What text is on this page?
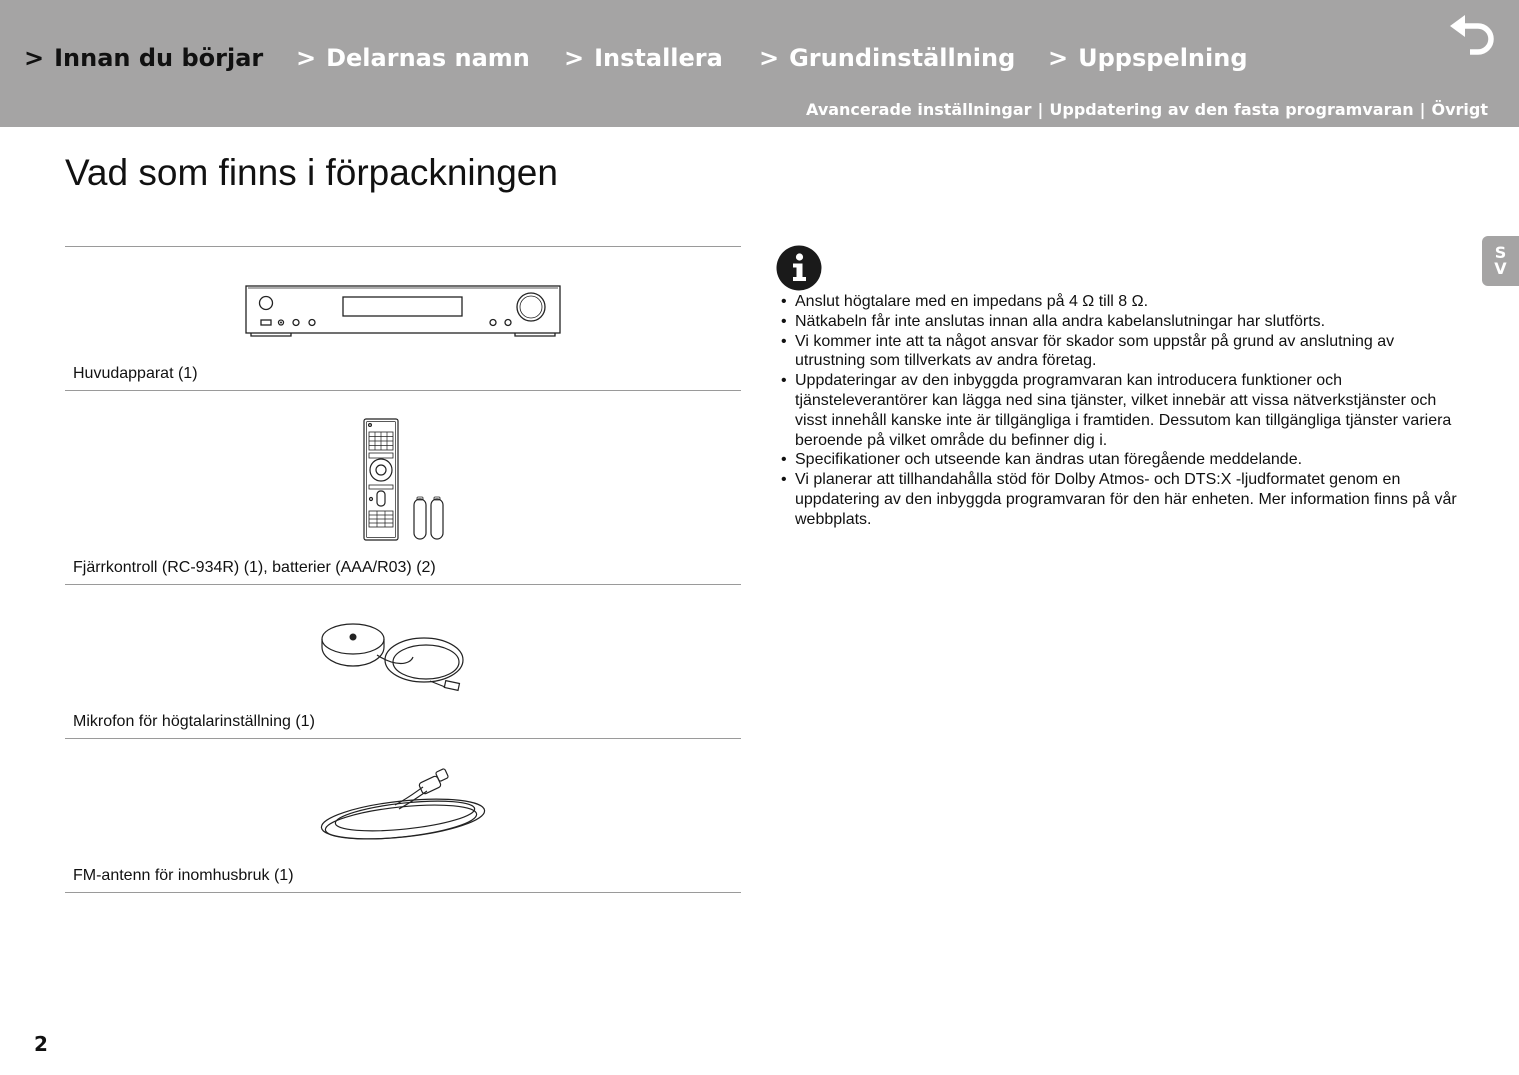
> Innan du börjar > Delarnas namn > Installera > Grundinställning > Uppspelning
Avancerade inställningar | Uppdatering av den fasta programvaran | Övrigt
Vad som finns i förpackningen
Huvudapparat (1)
Fjärrkontroll (RC-934R) (1), batterier (AAA/R03) (2)
Mikrofon för högtalarinställning (1)
FM-antenn för inomhusbruk (1)
• Anslut högtalare med en impedans på 4 Ω till 8 Ω.
• Nätkabeln får inte anslutas innan alla andra kabelanslutningar har slutförts.
• Vi kommer inte att ta något ansvar för skador som uppstår på grund av anslutning av utrustning som tillverkats av andra företag.
• Uppdateringar av den inbyggda programvaran kan introducera funktioner och tjänsteleverantörer kan lägga ned sina tjänster, vilket innebär att vissa nätverkstjänster och visst innehåll kanske inte är tillgängliga i framtiden. Dessutom kan tillgängliga tjänster variera beroende på vilket område du befinner dig i.
• Specifikationer och utseende kan ändras utan föregående meddelande.
• Vi planerar att tillhandahålla stöd för Dolby Atmos- och DTS:X -ljudformatet genom en uppdatering av den inbyggda programvaran för den här enheten. Mer information finns på vår webbplats.
S
V
2
